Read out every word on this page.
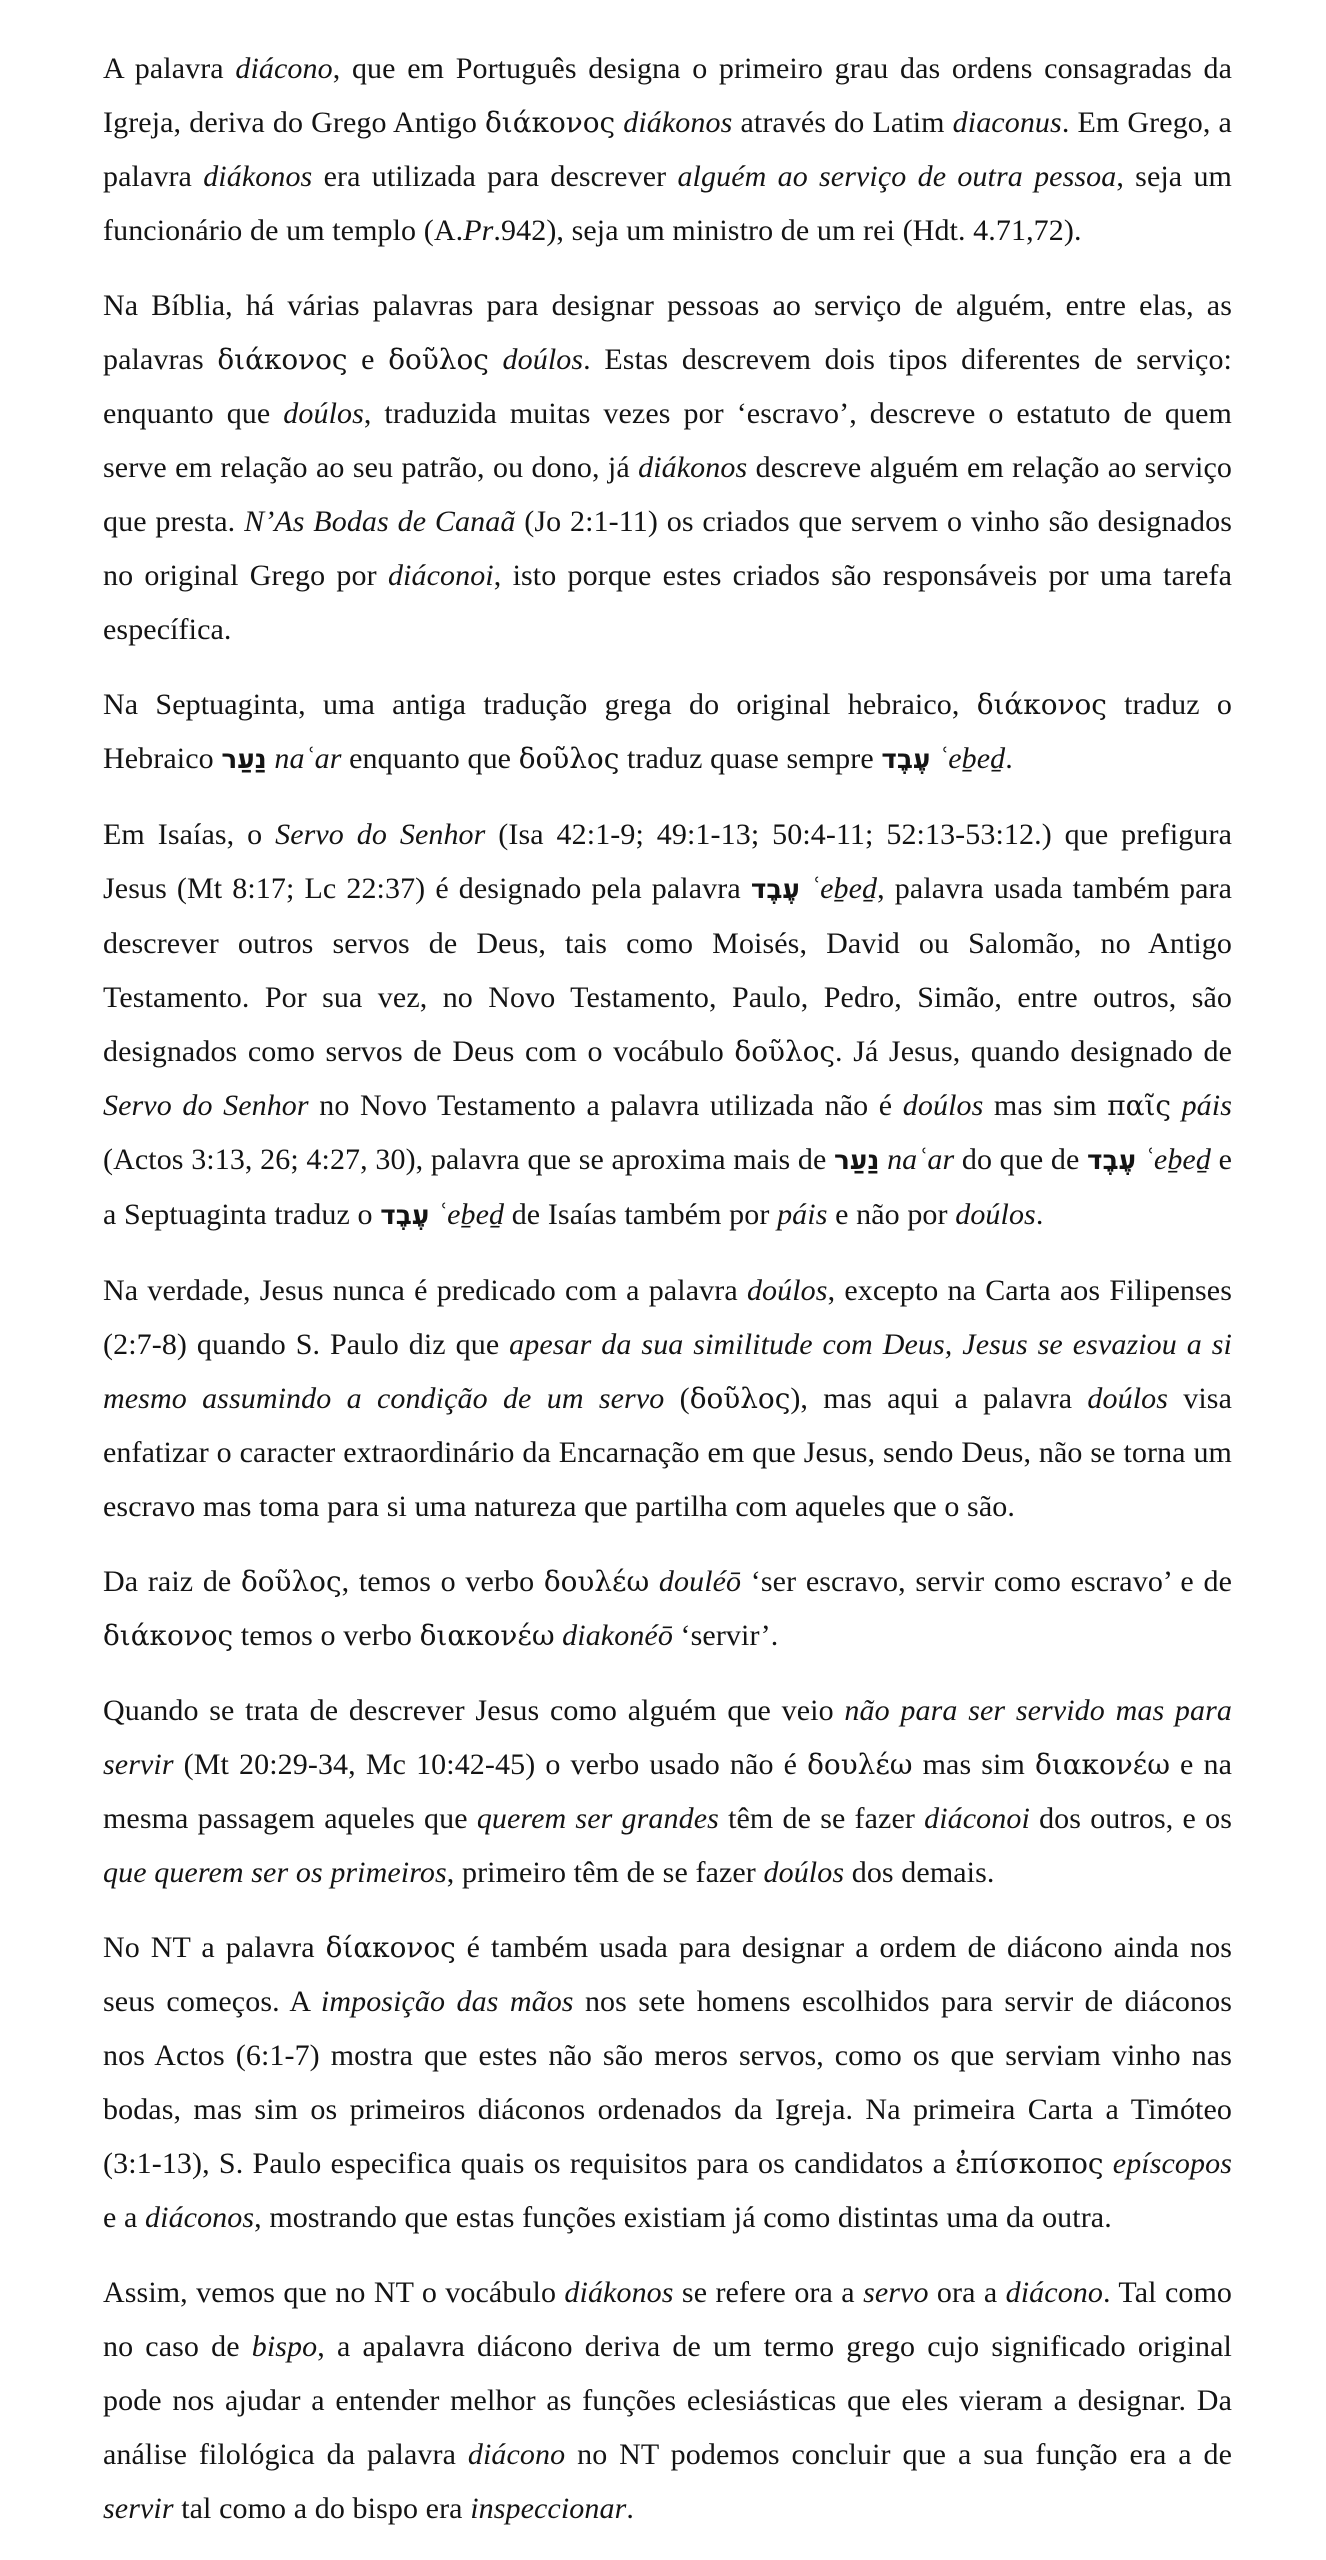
A palavra diácono, que em Português designa o primeiro grau das ordens consagradas da Igreja, deriva do Grego Antigo διάκονος diákonos através do Latim diaconus. Em Grego, a palavra diákonos era utilizada para descrever alguém ao serviço de outra pessoa, seja um funcionário de um templo (A.Pr.942), seja um ministro de um rei (Hdt. 4.71,72).

Na Bíblia, há várias palavras para designar pessoas ao serviço de alguém, entre elas, as palavras διάκονος e δοῦλος doúlos. Estas descrevem dois tipos diferentes de serviço: enquanto que doúlos, traduzida muitas vezes por ‘escravo’, descreve o estatuto de quem serve em relação ao seu patrão, ou dono, já diákonos descreve alguém em relação ao serviço que presta. N’As Bodas de Canaã (Jo 2:1-11) os criados que servem o vinho são designados no original Grego por diáconoi, isto porque estes criados são responsáveis por uma tarefa específica.

Na Septuaginta, uma antiga tradução grega do original hebraico, διάκονος traduz o Hebraico נַעַר naʿar enquanto que δοῦλος traduz quase sempre עֶבֶד ʿeḇeḏ.

Em Isaías, o Servo do Senhor (Isa 42:1-9; 49:1-13; 50:4-11; 52:13-53:12.) que prefigura Jesus (Mt 8:17; Lc 22:37) é designado pela palavra עֶבֶד ʿeḇeḏ, palavra usada também para descrever outros servos de Deus, tais como Moisés, David ou Salomão, no Antigo Testamento. Por sua vez, no Novo Testamento, Paulo, Pedro, Simão, entre outros, são designados como servos de Deus com o vocábulo δοῦλος. Já Jesus, quando designado de Servo do Senhor no Novo Testamento a palavra utilizada não é doúlos mas sim παῖς páis (Actos 3:13, 26; 4:27, 30), palavra que se aproxima mais de נַעַר naʿar do que de עֶבֶד ʿeḇeḏ e a Septuaginta traduz o עֶבֶד ʿeḇeḏ de Isaías também por páis e não por doúlos.

Na verdade, Jesus nunca é predicado com a palavra doúlos, excepto na Carta aos Filipenses (2:7-8) quando S. Paulo diz que apesar da sua similitude com Deus, Jesus se esvaziou a si mesmo assumindo a condição de um servo (δοῦλος), mas aqui a palavra doúlos visa enfatizar o caracter extraordinário da Encarnação em que Jesus, sendo Deus, não se torna um escravo mas toma para si uma natureza que partilha com aqueles que o são.

Da raiz de δοῦλος, temos o verbo δουλέω douléō ‘ser escravo, servir como escravo’ e de διάκονος temos o verbo διακονέω diakonéō ‘servir’.

Quando se trata de descrever Jesus como alguém que veio não para ser servido mas para servir (Mt 20:29-34, Mc 10:42-45) o verbo usado não é δουλέω mas sim διακονέω e na mesma passagem aqueles que querem ser grandes têm de se fazer diáconoi dos outros, e os que querem ser os primeiros, primeiro têm de se fazer doúlos dos demais.

No NT a palavra δίακονος é também usada para designar a ordem de diácono ainda nos seus começos. A imposição das mãos nos sete homens escolhidos para servir de diáconos nos Actos (6:1-7) mostra que estes não são meros servos, como os que serviam vinho nas bodas, mas sim os primeiros diáconos ordenados da Igreja. Na primeira Carta a Timóteo (3:1-13), S. Paulo especifica quais os requisitos para os candidatos a ἐπίσκοπος epíscopos e a diáconos, mostrando que estas funções existiam já como distintas uma da outra.

Assim, vemos que no NT o vocábulo diákonos se refere ora a servo ora a diácono. Tal como no caso de bispo, a apalavra diácono deriva de um termo grego cujo significado original pode nos ajudar a entender melhor as funções eclesiásticas que eles vieram a designar. Da análise filológica da palavra diácono no NT podemos concluir que a sua função era a de servir tal como a do bispo era inspeccionar.
